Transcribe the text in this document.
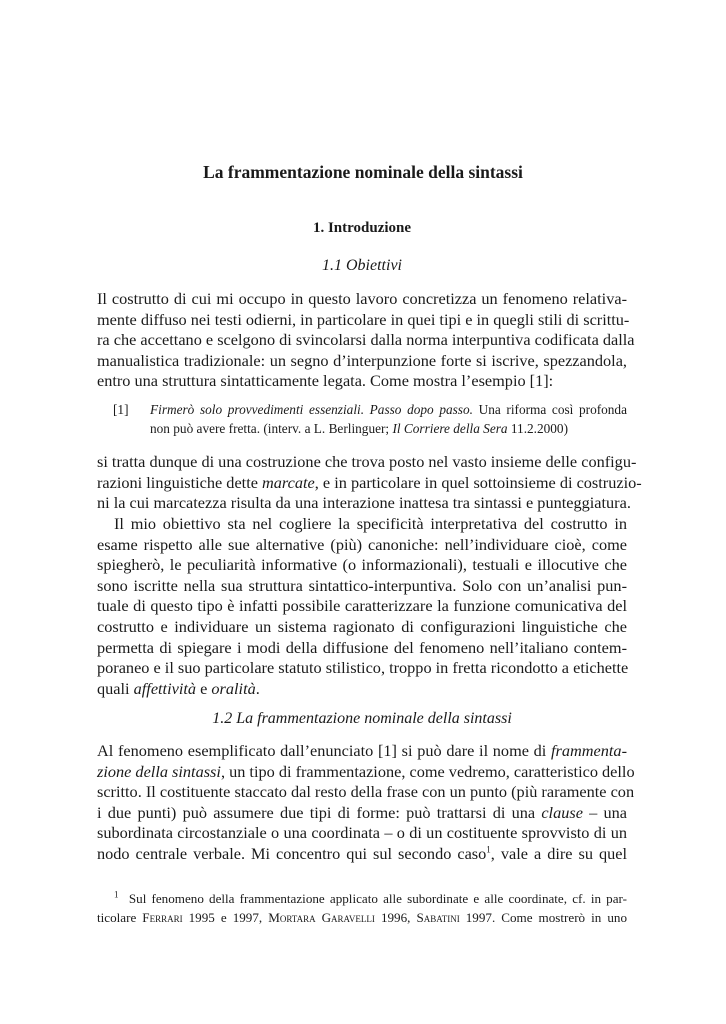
La frammentazione nominale della sintassi
1. Introduzione
1.1 Obiettivi
Il costrutto di cui mi occupo in questo lavoro concretizza un fenomeno relativa-
mente diffuso nei testi odierni, in particolare in quei tipi e in quegli stili di scrittu-
ra che accettano e scelgono di svincolarsi dalla norma interpuntiva codificata dalla
manualistica tradizionale: un segno d’interpunzione forte si iscrive, spezzandola,
entro una struttura sintatticamente legata. Come mostra l’esempio [1]:
[1] Firmerò solo provvedimenti essenziali. Passo dopo passo. Una riforma così profonda
non può avere fretta. (interv. a L. Berlinguer; Il Corriere della Sera 11.2.2000)
si tratta dunque di una costruzione che trova posto nel vasto insieme delle configu-
razioni linguistiche dette marcate, e in particolare in quel sottoinsieme di costruzio-
ni la cui marcatezza risulta da una interazione inattesa tra sintassi e punteggiatura.
Il mio obiettivo sta nel cogliere la specificità interpretativa del costrutto in
esame rispetto alle sue alternative (più) canoniche: nell’individuare cioè, come
spiegherò, le peculiarità informative (o informazionali), testuali e illocutive che
sono iscritte nella sua struttura sintattico-interpuntiva. Solo con un’analisi pun-
tuale di questo tipo è infatti possibile caratterizzare la funzione comunicativa del
costrutto e individuare un sistema ragionato di configurazioni linguistiche che
permetta di spiegare i modi della diffusione del fenomeno nell’italiano contem-
poraneo e il suo particolare statuto stilistico, troppo in fretta ricondotto a etichette
quali affettività e oralità.
1.2 La frammentazione nominale della sintassi
Al fenomeno esemplificato dall’enunciato [1] si può dare il nome di frammenta-
zione della sintassi, un tipo di frammentazione, come vedremo, caratteristico dello
scritto. Il costituente staccato dal resto della frase con un punto (più raramente con
i due punti) può assumere due tipi di forme: può trattarsi di una clause – una
subordinata circostanziale o una coordinata – o di un costituente sprovvisto di un
nodo centrale verbale. Mi concentro qui sul secondo caso$^1$, vale a dire su quel
$^1$ Sul fenomeno della frammentazione applicato alle subordinate e alle coordinate, cf. in par-
ticolare Ferrari 1995 e 1997, Mortara Garavelli 1996, Sabatini 1997. Come mostrerò in uno
